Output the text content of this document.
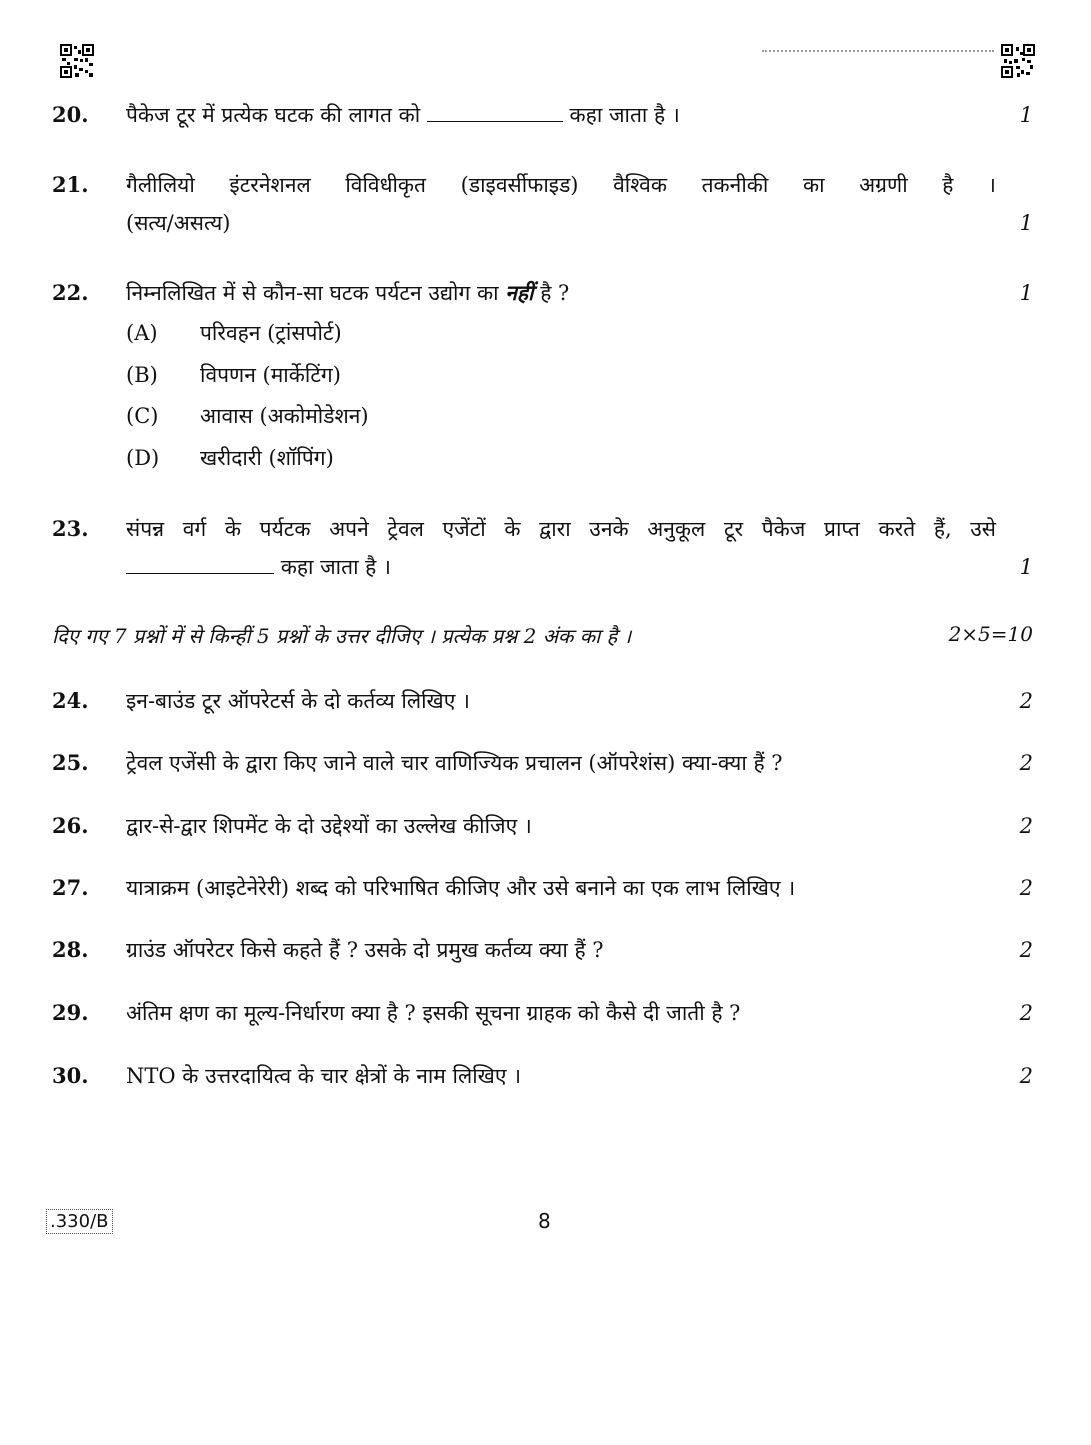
20. पैकेज टूर में प्रत्येक घटक की लागत को	कहा जाता है ।	1
21. गैलीलियो इंटरनेशनल विविधीकृत (डाइवर्सीफाइड) वैश्विक तकनीकी का अग्रणी है ।
(सत्य/असत्य)	1
22. निम्नलिखित में से कौन-सा घटक पर्यटन उद्योग का नहीं है ?	1
(A) परिवहन (ट्रांसपोर्ट)
(B) विपणन (मार्केटिंग)
(C) आवास (अकोमोडेशन)
(D) खरीदारी (शॉपिंग)
23. संपन्न वर्ग के पर्यटक अपने ट्रेवल एजेंटों के द्वारा उनके अनुकूल टूर पैकेज प्राप्त करते हैं, उसे
कहा जाता है ।	1
दिए गए 7 प्रश्नों में से किन्हीं 5 प्रश्नों के उत्तर दीजिए । प्रत्येक प्रश्न 2 अंक का है ।	2×5=10
24. इन-बाउंड टूर ऑपरेटर्स के दो कर्तव्य लिखिए ।	2
25. ट्रेवल एजेंसी के द्वारा किए जाने वाले चार वाणिज्यिक प्रचालन (ऑपरेशंस) क्या-क्या हैं ?	2
26. द्वार-से-द्वार शिपमेंट के दो उद्देश्यों का उल्लेख कीजिए ।	2
27. यात्राक्रम (आइटेनेरेरी) शब्द को परिभाषित कीजिए और उसे बनाने का एक लाभ लिखिए ।	2
28. ग्राउंड ऑपरेटर किसे कहते हैं ? उसके दो प्रमुख कर्तव्य क्या हैं ?	2
29. अंतिम क्षण का मूल्य-निर्धारण क्या है ? इसकी सूचना ग्राहक को कैसे दी जाती है ?	2
30. NTO के उत्तरदायित्व के चार क्षेत्रों के नाम लिखिए ।	2
.330/B	8
